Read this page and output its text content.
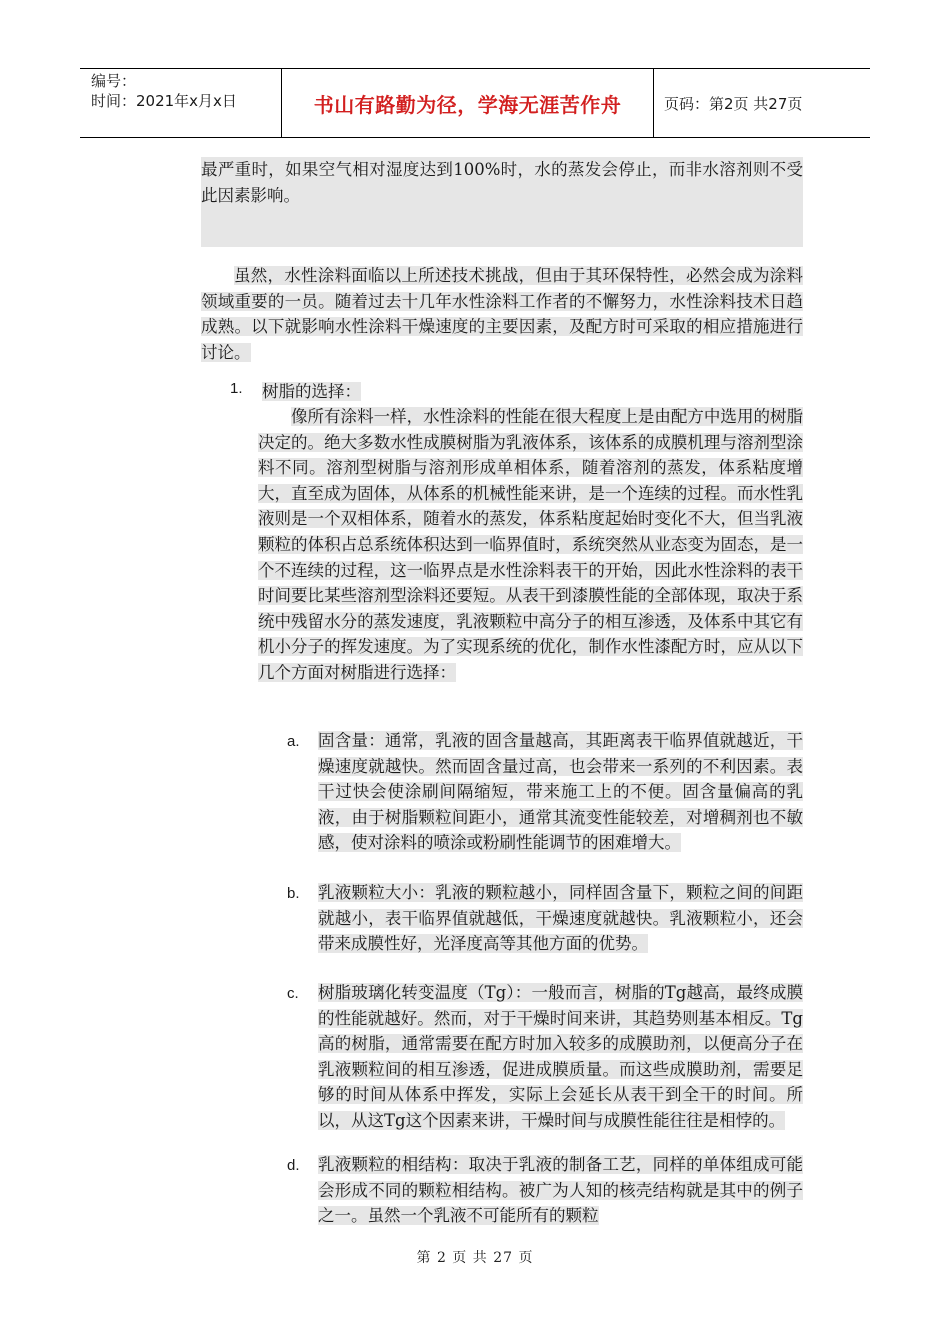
编号：
时间：2021年x月x日	书山有路勤为径，学海无涯苦作舟	页码：第2页 共27页
最严重时，如果空气相对湿度达到100%时，水的蒸发会停止，而非水溶剂则不受此因素影响。
虽然，水性涂料面临以上所述技术挑战，但由于其环保特性，必然会成为涂料领域重要的一员。随着过去十几年水性涂料工作者的不懈努力，水性涂料技术日趋成熟。以下就影响水性涂料干燥速度的主要因素，及配方时可采取的相应措施进行讨论。
1. 树脂的选择：
像所有涂料一样，水性涂料的性能在很大程度上是由配方中选用的树脂决定的。绝大多数水性成膜树脂为乳液体系，该体系的成膜机理与溶剂型涂料不同。溶剂型树脂与溶剂形成单相体系，随着溶剂的蒸发，体系粘度增大，直至成为固体，从体系的机械性能来讲，是一个连续的过程。而水性乳液则是一个双相体系，随着水的蒸发，体系粘度起始时变化不大，但当乳液颗粒的体积占总系统体积达到一临界值时，系统突然从业态变为固态，是一个不连续的过程，这一临界点是水性涂料表干的开始，因此水性涂料的表干时间要比某些溶剂型涂料还要短。从表干到漆膜性能的全部体现，取决于系统中残留水分的蒸发速度，乳液颗粒中高分子的相互渗透，及体系中其它有机小分子的挥发速度。为了实现系统的优化，制作水性漆配方时，应从以下几个方面对树脂进行选择：
a. 固含量：通常，乳液的固含量越高，其距离表干临界值就越近，干燥速度就越快。然而固含量过高，也会带来一系列的不利因素。表干过快会使涂刷间隔缩短，带来施工上的不便。固含量偏高的乳液，由于树脂颗粒间距小，通常其流变性能较差，对增稠剂也不敏感，使对涂料的喷涂或粉刷性能调节的困难增大。
b. 乳液颗粒大小：乳液的颗粒越小，同样固含量下，颗粒之间的间距就越小，表干临界值就越低，干燥速度就越快。乳液颗粒小，还会带来成膜性好，光泽度高等其他方面的优势。
c. 树脂玻璃化转变温度（Tg）：一般而言，树脂的Tg越高，最终成膜的性能就越好。然而，对于干燥时间来讲，其趋势则基本相反。Tg高的树脂，通常需要在配方时加入较多的成膜助剂，以便高分子在乳液颗粒间的相互渗透，促进成膜质量。而这些成膜助剂，需要足够的时间从体系中挥发，实际上会延长从表干到全干的时间。所以，从这Tg这个因素来讲，干燥时间与成膜性能往往是相悖的。
d. 乳液颗粒的相结构：取决于乳液的制备工艺，同样的单体组成可能会形成不同的颗粒相结构。被广为人知的核壳结构就是其中的例子之一。虽然一个乳液不可能所有的颗粒
第 2 页 共 27 页
